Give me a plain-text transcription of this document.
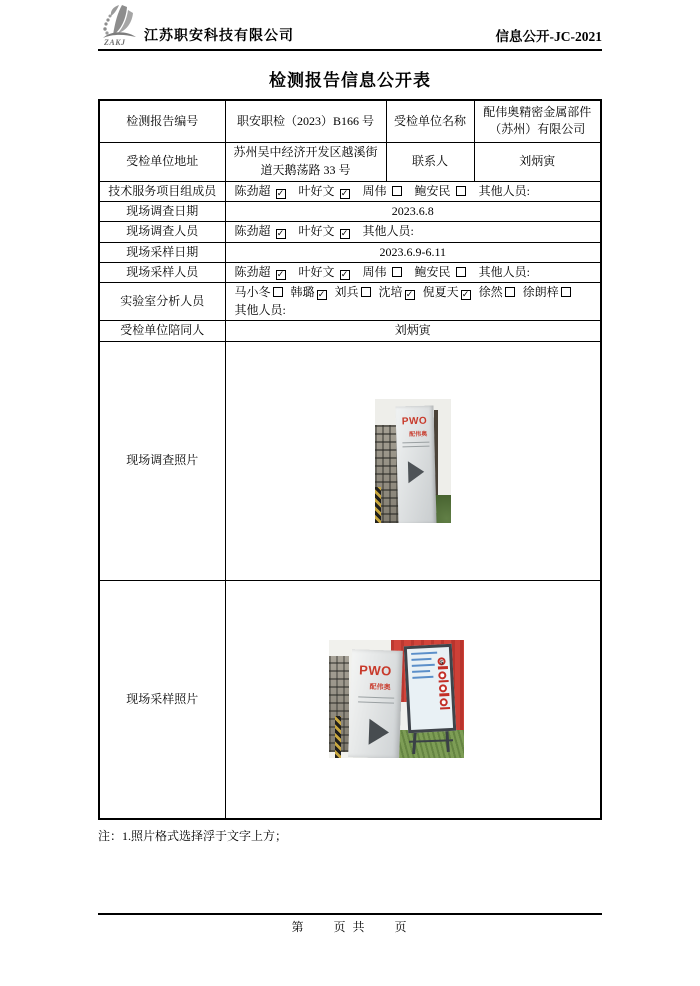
ZAKJ 江苏职安科技有限公司	信息公开-JC-2021
检测报告信息公开表
检测报告编号	职安职检（2023）B166 号	受检单位名称	配伟奥精密金属部件（苏州）有限公司
受检单位地址	苏州吴中经济开发区越溪街道天鹅荡路 33 号	联系人	刘炳寅
技术服务项目组成员	陈劲超 ✓ 叶好文 ✓ 周伟 鲍安民 其他人员:		
现场调查日期	2023.6.8		
现场调查人员	陈劲超 ✓ 叶好文 ✓ 其他人员:		
现场采样日期	2023.6.9-6.11		
现场采样人员	陈劲超 ✓ 叶好文 ✓ 周伟 鲍安民 其他人员:		
实验室分析人员	马小冬 韩璐 ✓ 刘兵 沈培 ✓ 倪夏天 ✓ 徐然 徐朗梓
其他人员:		

受检单位陪同人	刘炳寅		
现场调查照片	PWO
配伟奥		

现场采样照片	PWO
配伟奥
5		
注：1.照片格式选择浮于文字上方；
第　　页 共　　页
